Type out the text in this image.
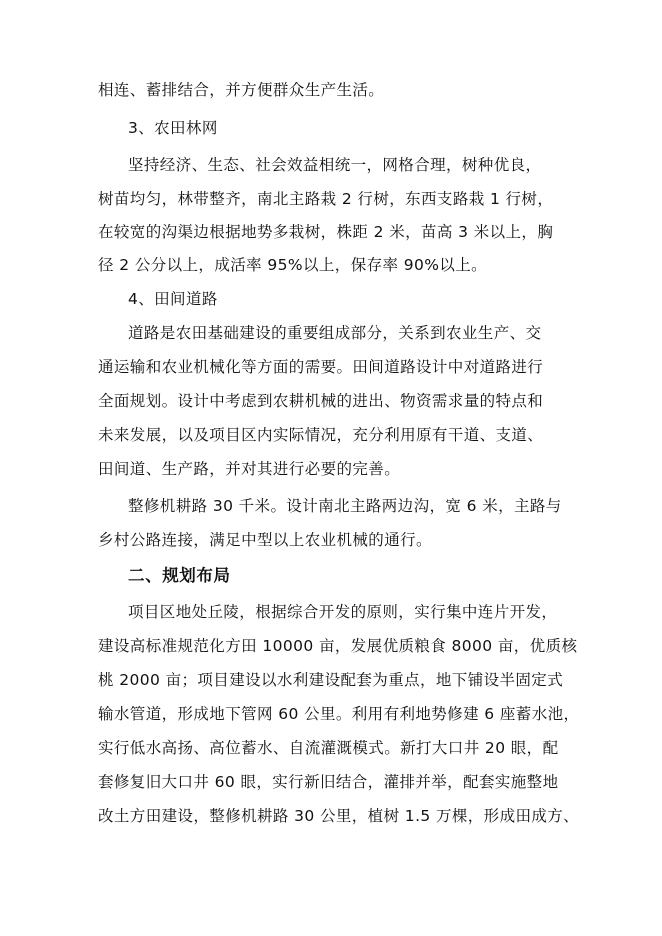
相连、蓄排结合，并方便群众生产生活。
3、农田林网
坚持经济、生态、社会效益相统一，网格合理，树种优良，
树苗均匀，林带整齐，南北主路栽 2 行树，东西支路栽 1 行树，
在较宽的沟渠边根据地势多栽树，株距 2 米，苗高 3 米以上，胸
径 2 公分以上，成活率 95%以上，保存率 90%以上。
4、田间道路
道路是农田基础建设的重要组成部分，关系到农业生产、交
通运输和农业机械化等方面的需要。田间道路设计中对道路进行
全面规划。设计中考虑到农耕机械的进出、物资需求量的特点和
未来发展，以及项目区内实际情况，充分利用原有干道、支道、
田间道、生产路，并对其进行必要的完善。
整修机耕路 30 千米。设计南北主路两边沟，宽 6 米，主路与
乡村公路连接，满足中型以上农业机械的通行。
二、规划布局
项目区地处丘陵，根据综合开发的原则，实行集中连片开发，
建设高标准规范化方田 10000 亩，发展优质粮食 8000 亩，优质核
桃 2000 亩；项目建设以水利建设配套为重点，地下铺设半固定式
输水管道，形成地下管网 60 公里。利用有利地势修建 6 座蓄水池，
实行低水高扬、高位蓄水、自流灌溉模式。新打大口井 20 眼，配
套修复旧大口井 60 眼，实行新旧结合，灌排并举，配套实施整地
改土方田建设，整修机耕路 30 公里，植树 1.5 万棵，形成田成方、
